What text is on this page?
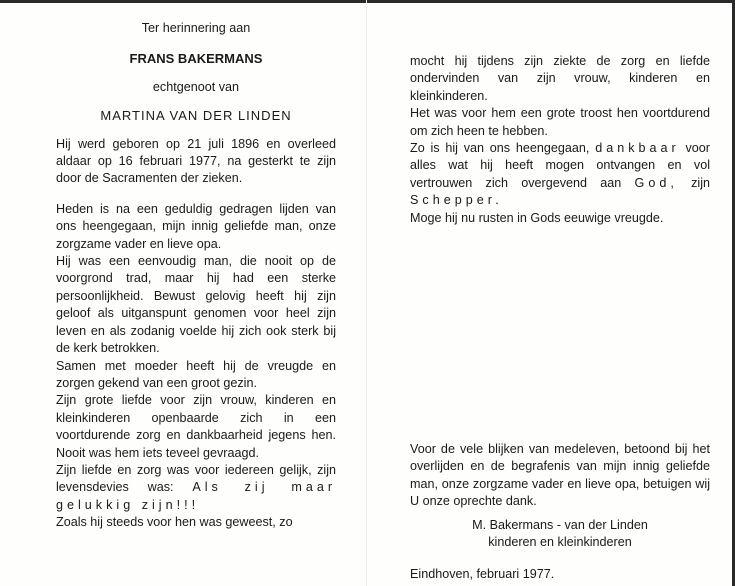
Ter herinnering aan
FRANS BAKERMANS
echtgenoot van
MARTINA VAN DER LINDEN

Hij werd geboren op 21 juli 1896 en overleed aldaar op 16 februari 1977, na gesterkt te zijn door de Sacramenten der zieken.

Heden is na een geduldig gedragen lijden van ons heengegaan, mijn innig geliefde man, onze zorgzame vader en lieve opa.

Hij was een eenvoudig man, die nooit op de voorgrond trad, maar hij had een sterke persoonlijkheid. Bewust gelovig heeft hij zijn geloof als uitganspunt genomen voor heel zijn leven en als zodanig voelde hij zich ook sterk bij de kerk betrokken.

Samen met moeder heeft hij de vreugde en zorgen gekend van een groot gezin.

Zijn grote liefde voor zijn vrouw, kinderen en kleinkinderen openbaarde zich in een voortdurende zorg en dankbaarheid jegens hen. Nooit was hem iets teveel gevraagd.

Zijn liefde en zorg was voor iedereen gelijk, zijn levensdevies was: Als zij maar gelukkig zijn!!!

Zoals hij steeds voor hen was geweest, zo

mocht hij tijdens zijn ziekte de zorg en liefde ondervinden van zijn vrouw, kinderen en kleinkinderen.

Het was voor hem een grote troost hen voortdurend om zich heen te hebben.

Zo is hij van ons heengegaan, dankbaar voor alles wat hij heeft mogen ontvangen en vol vertrouwen zich overgevend aan God, zijn Schepper.

Moge hij nu rusten in Gods eeuwige vreugde.

Voor de vele blijken van medeleven, betoond bij het overlijden en de begrafenis van mijn innig geliefde man, onze zorgzame vader en lieve opa, betuigen wij U onze oprechte dank.

M. Bakermans - van der Linden
kinderen en kleinkinderen
Eindhoven, februari 1977.
